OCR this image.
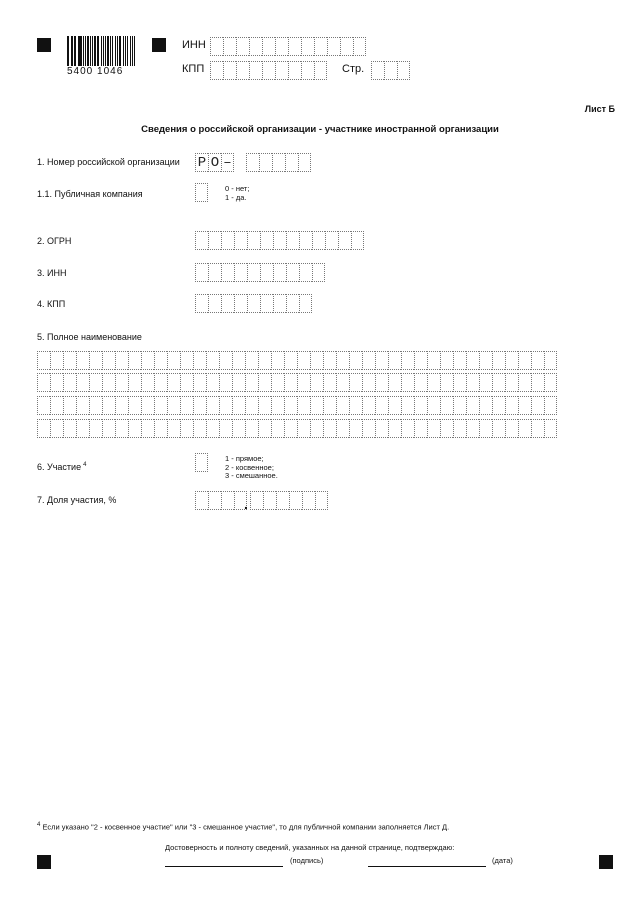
5400 1046
ИНН
КПП	Стр.
Лист Б
Сведения о российской организации - участнике иностранной организации
1. Номер российской организации Р О –
1.1. Публичная компания
0 - нет;
1 - да.
2. ОГРН
3. ИНН
4. КПП
5. Полное наименование
6. Участие $^4$
1 - прямое;
2 - косвенное;
3 - смешанное.
7. Доля участия, %	.
$^4$ Если указано "2 - косвенное участие" или "3 - смешанное участие", то для публичной компании заполняется Лист Д.
Достоверность и полноту сведений, указанных на данной странице, подтверждаю:
(подпись)	(дата)
